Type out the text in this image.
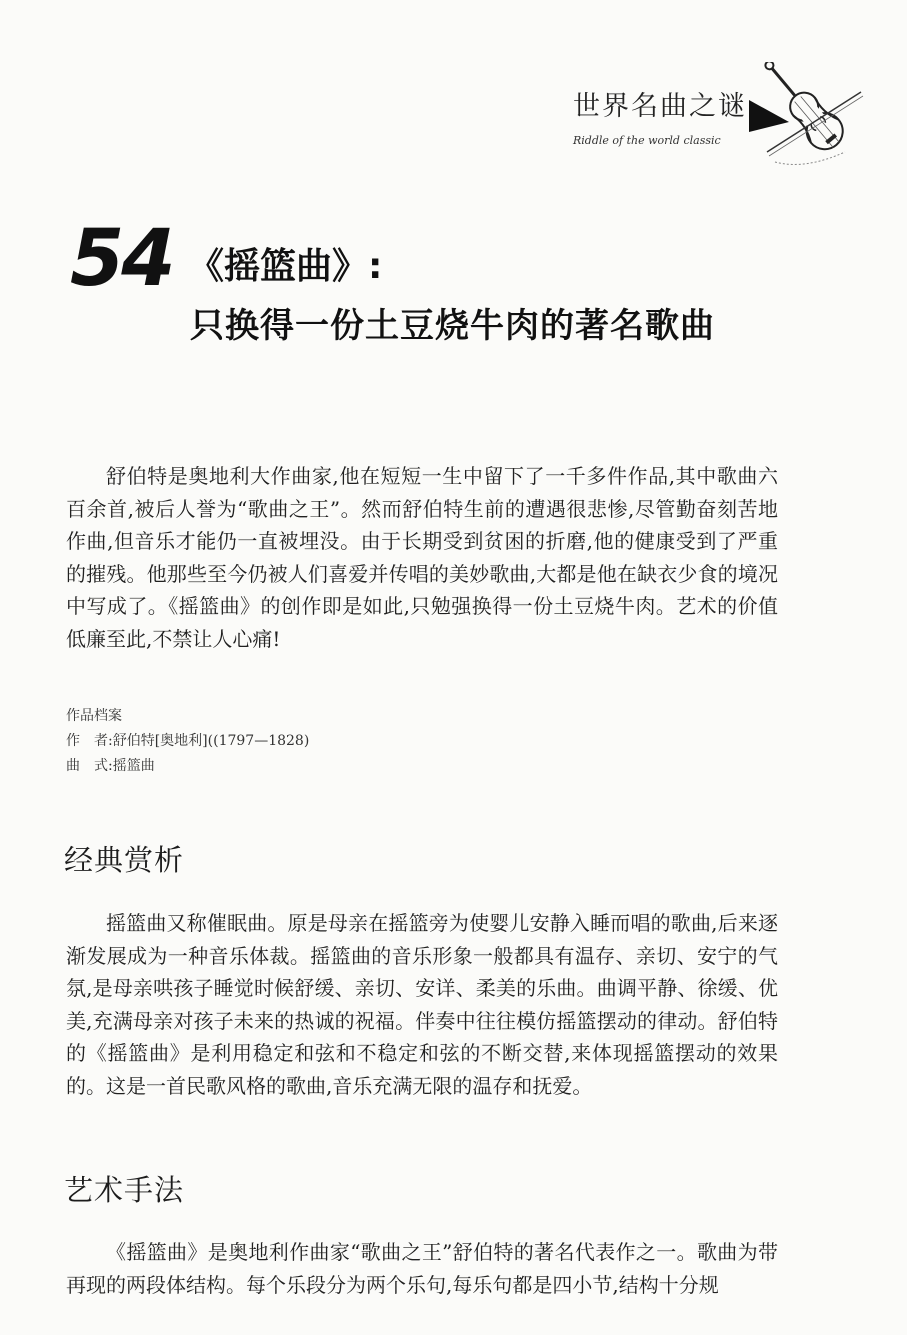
世界名曲之谜
Riddle of the world classic
54 《摇篮曲》:
只换得一份土豆烧牛肉的著名歌曲

舒伯特是奥地利大作曲家,他在短短一生中留下了一千多件作品,其中歌曲六百余首,被后人誉为“歌曲之王”。然而舒伯特生前的遭遇很悲惨,尽管勤奋刻苦地作曲,但音乐才能仍一直被埋没。由于长期受到贫困的折磨,他的健康受到了严重的摧残。他那些至今仍被人们喜爱并传唱的美妙歌曲,大都是他在缺衣少食的境况中写成了。《摇篮曲》的创作即是如此,只勉强换得一份土豆烧牛肉。艺术的价值低廉至此,不禁让人心痛!

作品档案
作　者:舒伯特[奥地利]((1797—1828)
曲　式:摇篮曲
经典赏析

摇篮曲又称催眠曲。原是母亲在摇篮旁为使婴儿安静入睡而唱的歌曲,后来逐渐发展成为一种音乐体裁。摇篮曲的音乐形象一般都具有温存、亲切、安宁的气氛,是母亲哄孩子睡觉时候舒缓、亲切、安详、柔美的乐曲。曲调平静、徐缓、优美,充满母亲对孩子未来的热诚的祝福。伴奏中往往模仿摇篮摆动的律动。舒伯特的《摇篮曲》是利用稳定和弦和不稳定和弦的不断交替,来体现摇篮摆动的效果的。这是一首民歌风格的歌曲,音乐充满无限的温存和抚爱。

艺术手法

《摇篮曲》是奥地利作曲家“歌曲之王”舒伯特的著名代表作之一。歌曲为带再现的两段体结构。每个乐段分为两个乐句,每乐句都是四小节,结构十分规
